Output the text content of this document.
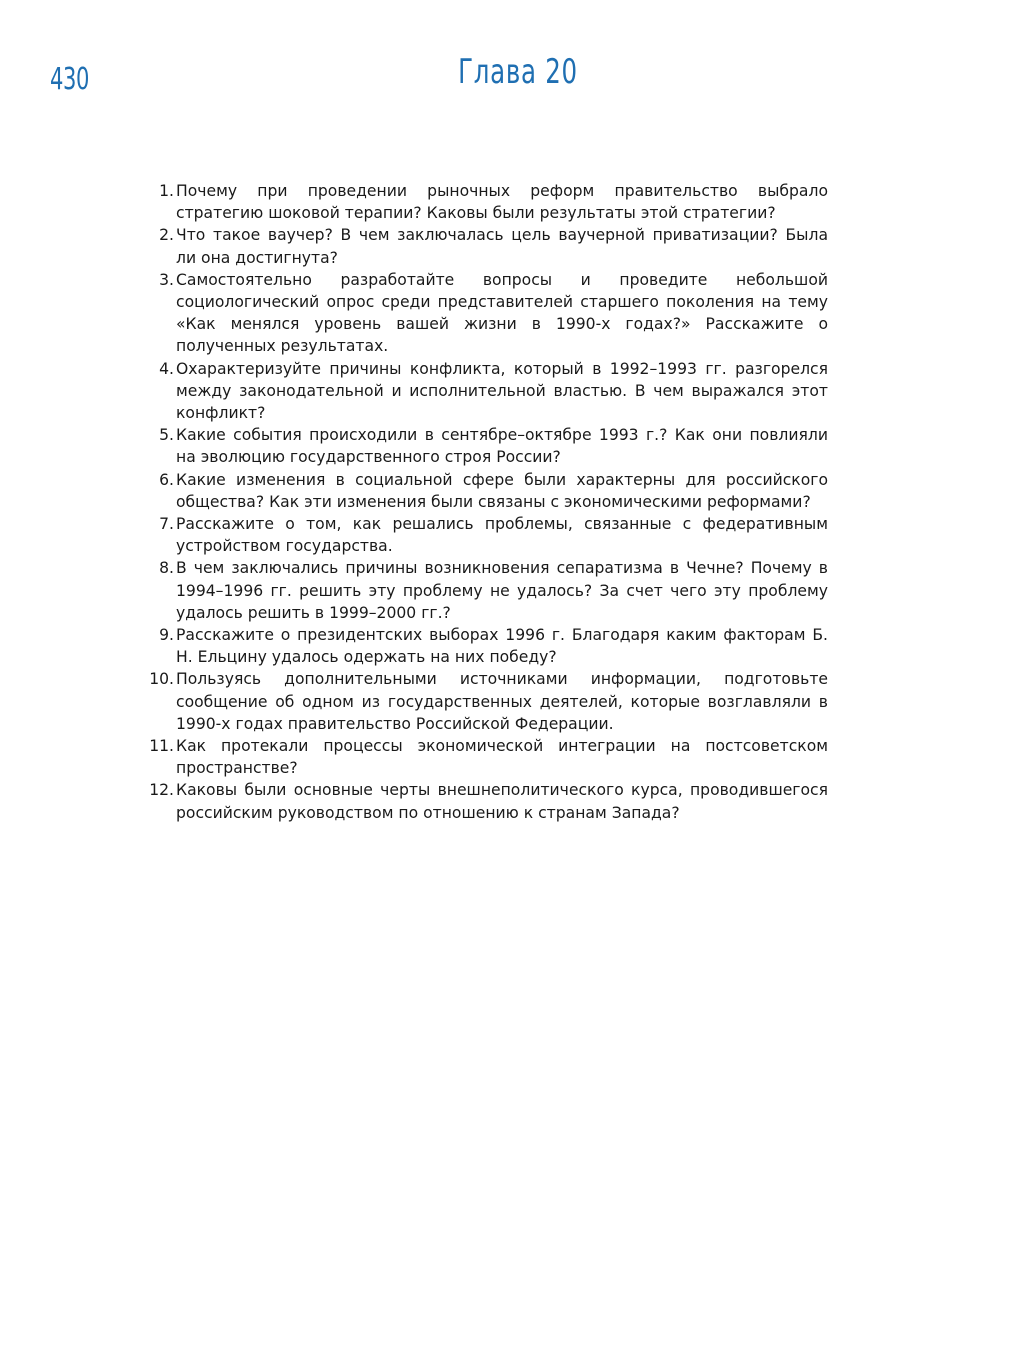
430	Глава 20
1. Почему при проведении рыночных реформ правительство выбрало стратегию шоковой терапии? Каковы были результаты этой стратегии?
2. Что такое ваучер? В чем заключалась цель ваучерной приватизации? Была ли она достигнута?
3. Самостоятельно разработайте вопросы и проведите небольшой социологический опрос среди представителей старшего поколения на тему «Как менялся уровень вашей жизни в 1990-х годах?» Расскажите о полученных результатах.
4. Охарактеризуйте причины конфликта, который в 1992–1993 гг. разгорелся между законодательной и исполнительной властью. В чем выражался этот конфликт?
5. Какие события происходили в сентябре–октябре 1993 г.? Как они повлияли на эволюцию государственного строя России?
6. Какие изменения в социальной сфере были характерны для российского общества? Как эти изменения были связаны с экономическими реформами?
7. Расскажите о том, как решались проблемы, связанные с федеративным устройством государства.
8. В чем заключались причины возникновения сепаратизма в Чечне? Почему в 1994–1996 гг. решить эту проблему не удалось? За счет чего эту проблему удалось решить в 1999–2000 гг.?
9. Расскажите о президентских выборах 1996 г. Благодаря каким факторам Б. Н. Ельцину удалось одержать на них победу?
10. Пользуясь дополнительными источниками информации, подготовьте сообщение об одном из государственных деятелей, которые возглавляли в 1990-х годах правительство Российской Федерации.
11. Как протекали процессы экономической интеграции на постсоветском пространстве?
12. Каковы были основные черты внешнеполитического курса, проводившегося российским руководством по отношению к странам Запада?
